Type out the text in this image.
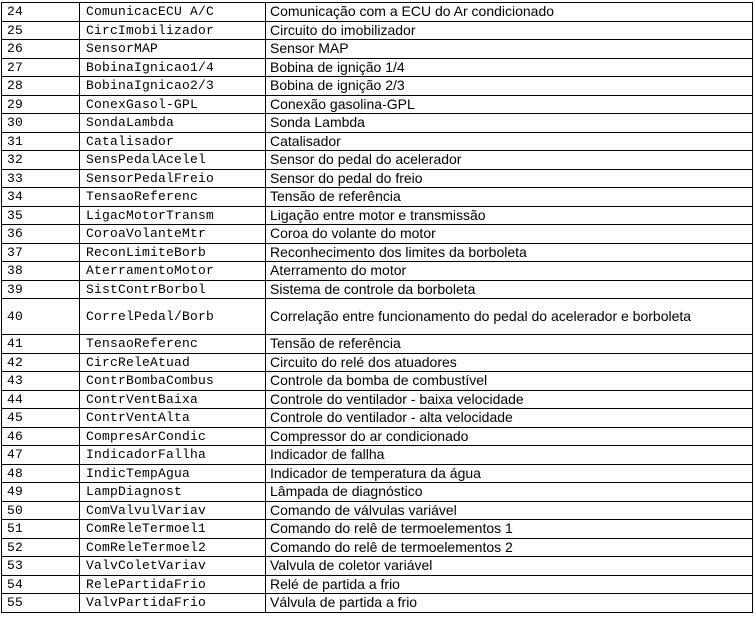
24	ComunicacECU A/C	Comunicação com a ECU do Ar condicionado
25	CircImobilizador	Circuito do imobilizador
26	SensorMAP	Sensor MAP
27	BobinaIgnicao1/4	Bobina de ignição 1/4
28	BobinaIgnicao2/3	Bobina de ignição 2/3
29	ConexGasol-GPL	Conexão gasolina-GPL
30	SondaLambda	Sonda Lambda
31	Catalisador	Catalisador
32	SensPedalAcelel	Sensor do pedal do acelerador
33	SensorPedalFreio	Sensor do pedal do freio
34	TensaoReferenc	Tensão de referência
35	LigacMotorTransm	Ligação entre motor e transmissão
36	CoroaVolanteMtr	Coroa do volante do motor
37	ReconLimiteBorb	Reconhecimento dos limites da borboleta
38	AterramentoMotor	Aterramento do motor
39	SistContrBorbol	Sistema de controle da borboleta
40	CorrelPedal/Borb	Correlação entre funcionamento do pedal do acelerador e borboleta
41	TensaoReferenc	Tensão de referência
42	CircReleAtuad	Circuito do relé dos atuadores
43	ContrBombaCombus	Controle da bomba de combustível
44	ContrVentBaixa	Controle do ventilador - baixa velocidade
45	ContrVentAlta	Controle do ventilador - alta velocidade
46	CompresArCondic	Compressor do ar condicionado
47	IndicadorFallha	Indicador de fallha
48	IndicTempAgua	Indicador de temperatura da água
49	LampDiagnost	Lâmpada de diagnóstico
50	ComValvulVariav	Comando de válvulas variável
51	ComReleTermoel1	Comando do relê de termoelementos 1
52	ComReleTermoel2	Comando do relê de termoelementos 2
53	ValvColetVariav	Valvula de coletor variável
54	RelePartidaFrio	Relé de partida a frio
55	ValvPartidaFrio	Válvula de partida a frio
